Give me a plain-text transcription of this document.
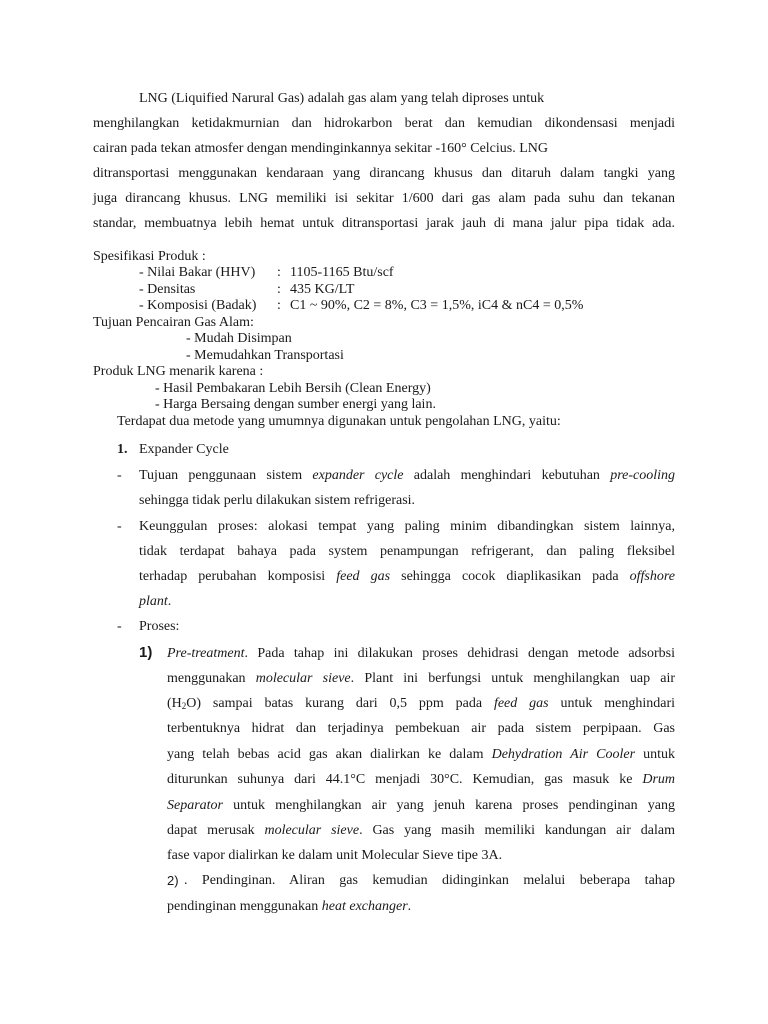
LNG (Liquified Narural Gas) adalah gas alam yang telah diproses untuk

menghilangkan ketidakmurnian dan hidrokarbon berat dan kemudian dikondensasi menjadi

cairan pada tekan atmosfer dengan mendinginkannya sekitar -160° Celcius. LNG

ditransportasi menggunakan kendaraan yang dirancang khusus dan ditaruh dalam tangki yang

juga dirancang khusus. LNG memiliki isi sekitar 1/600 dari gas alam pada suhu dan tekanan

standar, membuatnya lebih hemat untuk ditransportasi jarak jauh di mana jalur pipa tidak ada.

Spesifikasi Produk :
- Nilai Bakar (HHV) : 1105-1165 Btu/scf
- Densitas	: 435 KG/LT
- Komposisi (Badak) : C1 ~ 90%, C2 = 8%, C3 = 1,5%, iC4 & nC4 = 0,5%
Tujuan Pencairan Gas Alam:
- Mudah Disimpan
- Memudahkan Transportasi
Produk LNG menarik karena :
- Hasil Pembakaran Lebih Bersih (Clean Energy)
- Harga Bersaing dengan sumber energi yang lain.
Terdapat dua metode yang umumnya digunakan untuk pengolahan LNG, yaitu:
1. Expander Cycle
- Tujuan penggunaan sistem expander cycle adalah menghindari kebutuhan pre-cooling
sehingga tidak perlu dilakukan sistem refrigerasi.
- Keunggulan proses: alokasi tempat yang paling minim dibandingkan sistem lainnya,
tidak terdapat bahaya pada system penampungan refrigerant, dan paling fleksibel
terhadap perubahan komposisi feed gas sehingga cocok diaplikasikan pada offshore
plant.
- Proses:
1) Pre-treatment. Pada tahap ini dilakukan proses dehidrasi dengan metode adsorbsi
menggunakan molecular sieve. Plant ini berfungsi untuk menghilangkan uap air
$(H_2O)$ sampai batas kurang dari 0,5 ppm pada feed gas untuk menghindari
terbentuknya hidrat dan terjadinya pembekuan air pada sistem perpipaan. Gas
yang telah bebas acid gas akan dialirkan ke dalam Dehydration Air Cooler untuk
diturunkan suhunya dari 44.1°C menjadi 30°C. Kemudian, gas masuk ke Drum
Separator untuk menghilangkan air yang jenuh karena proses pendinginan yang
dapat merusak molecular sieve. Gas yang masih memiliki kandungan air dalam
fase vapor dialirkan ke dalam unit Molecular Sieve tipe 3A.
2) . Pendinginan. Aliran gas kemudian didinginkan melalui beberapa tahap
pendinginan menggunakan heat exchanger.
